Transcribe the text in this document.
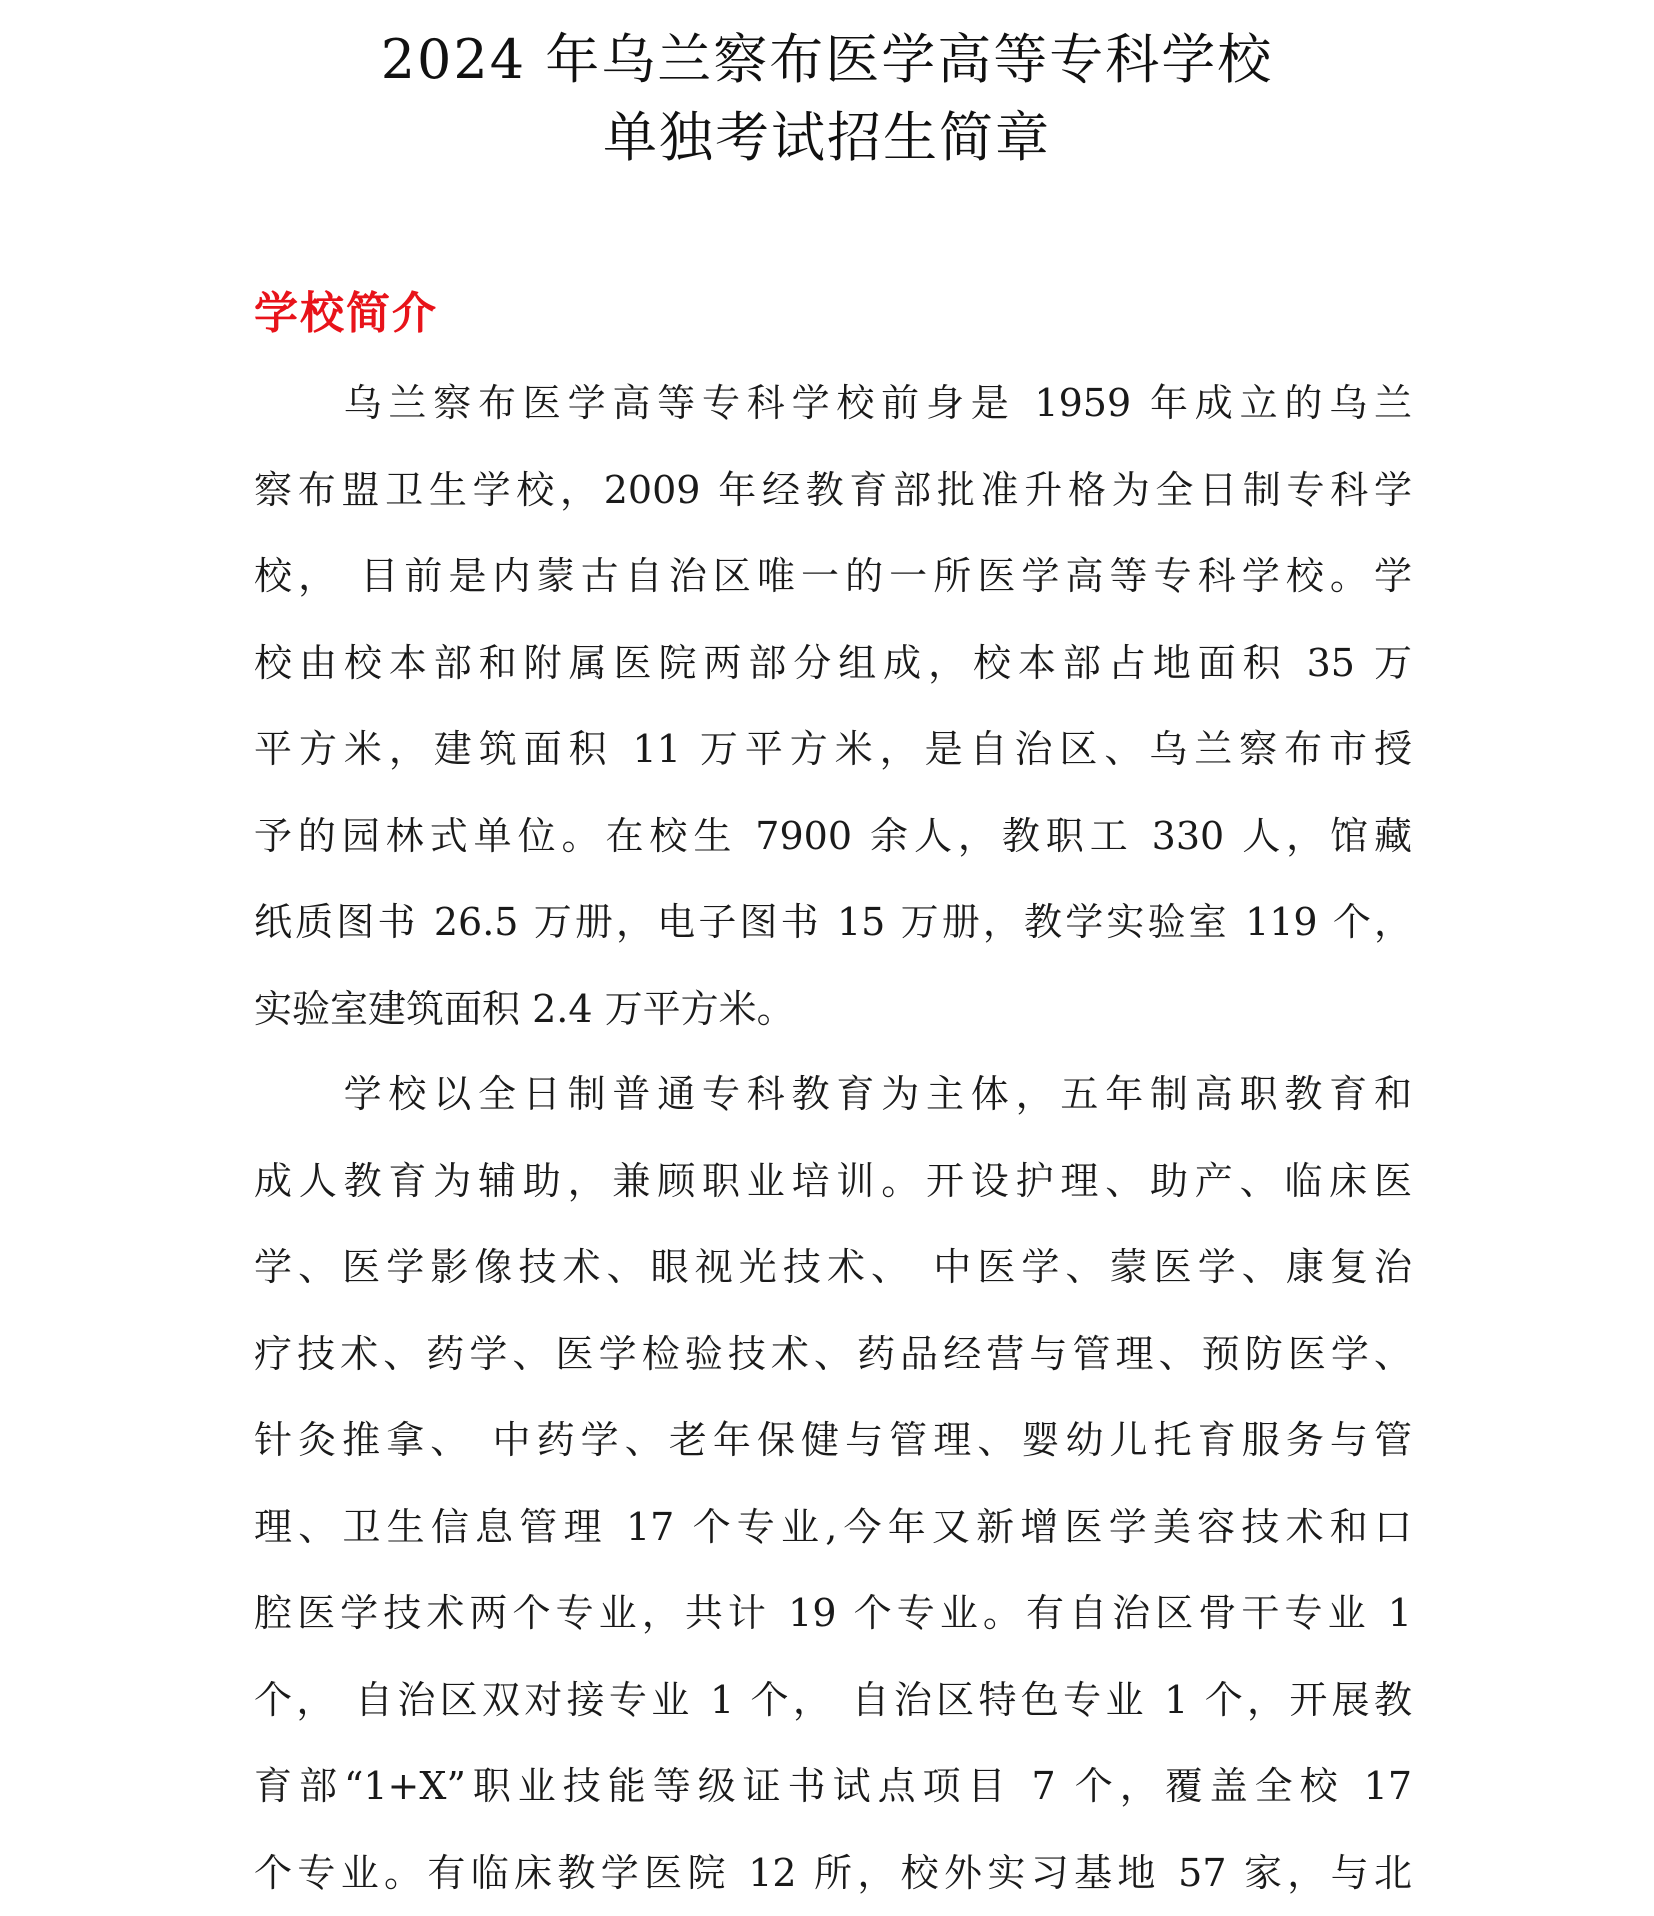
2024 年乌兰察布医学高等专科学校
单独考试招生简章
学校简介
　　乌兰察布医学高等专科学校前身是 1959 年成立的乌兰
察布盟卫生学校，2009 年经教育部批准升格为全日制专科学
校， 目前是内蒙古自治区唯一的一所医学高等专科学校。学
校由校本部和附属医院两部分组成，校本部占地面积 35 万
平方米，建筑面积 11 万平方米，是自治区、乌兰察布市授
予的园林式单位。在校生 7900 余人，教职工 330 人，馆藏
纸质图书 26.5 万册，电子图书 15 万册，教学实验室 119 个，
实验室建筑面积 2.4 万平方米。
　　学校以全日制普通专科教育为主体，五年制高职教育和
成人教育为辅助，兼顾职业培训。开设护理、助产、临床医
学、医学影像技术、眼视光技术、 中医学、蒙医学、康复治
疗技术、药学、医学检验技术、药品经营与管理、预防医学、
针灸推拿、 中药学、老年保健与管理、婴幼儿托育服务与管
理、卫生信息管理 17 个专业,今年又新增医学美容技术和口
腔医学技术两个专业，共计 19 个专业。有自治区骨干专业 1
个， 自治区双对接专业 1 个， 自治区特色专业 1 个，开展教
育部“1+X”职业技能等级证书试点项目 7 个，覆盖全校 17
个专业。有临床教学医院 12 所，校外实习基地 57 家，与北
